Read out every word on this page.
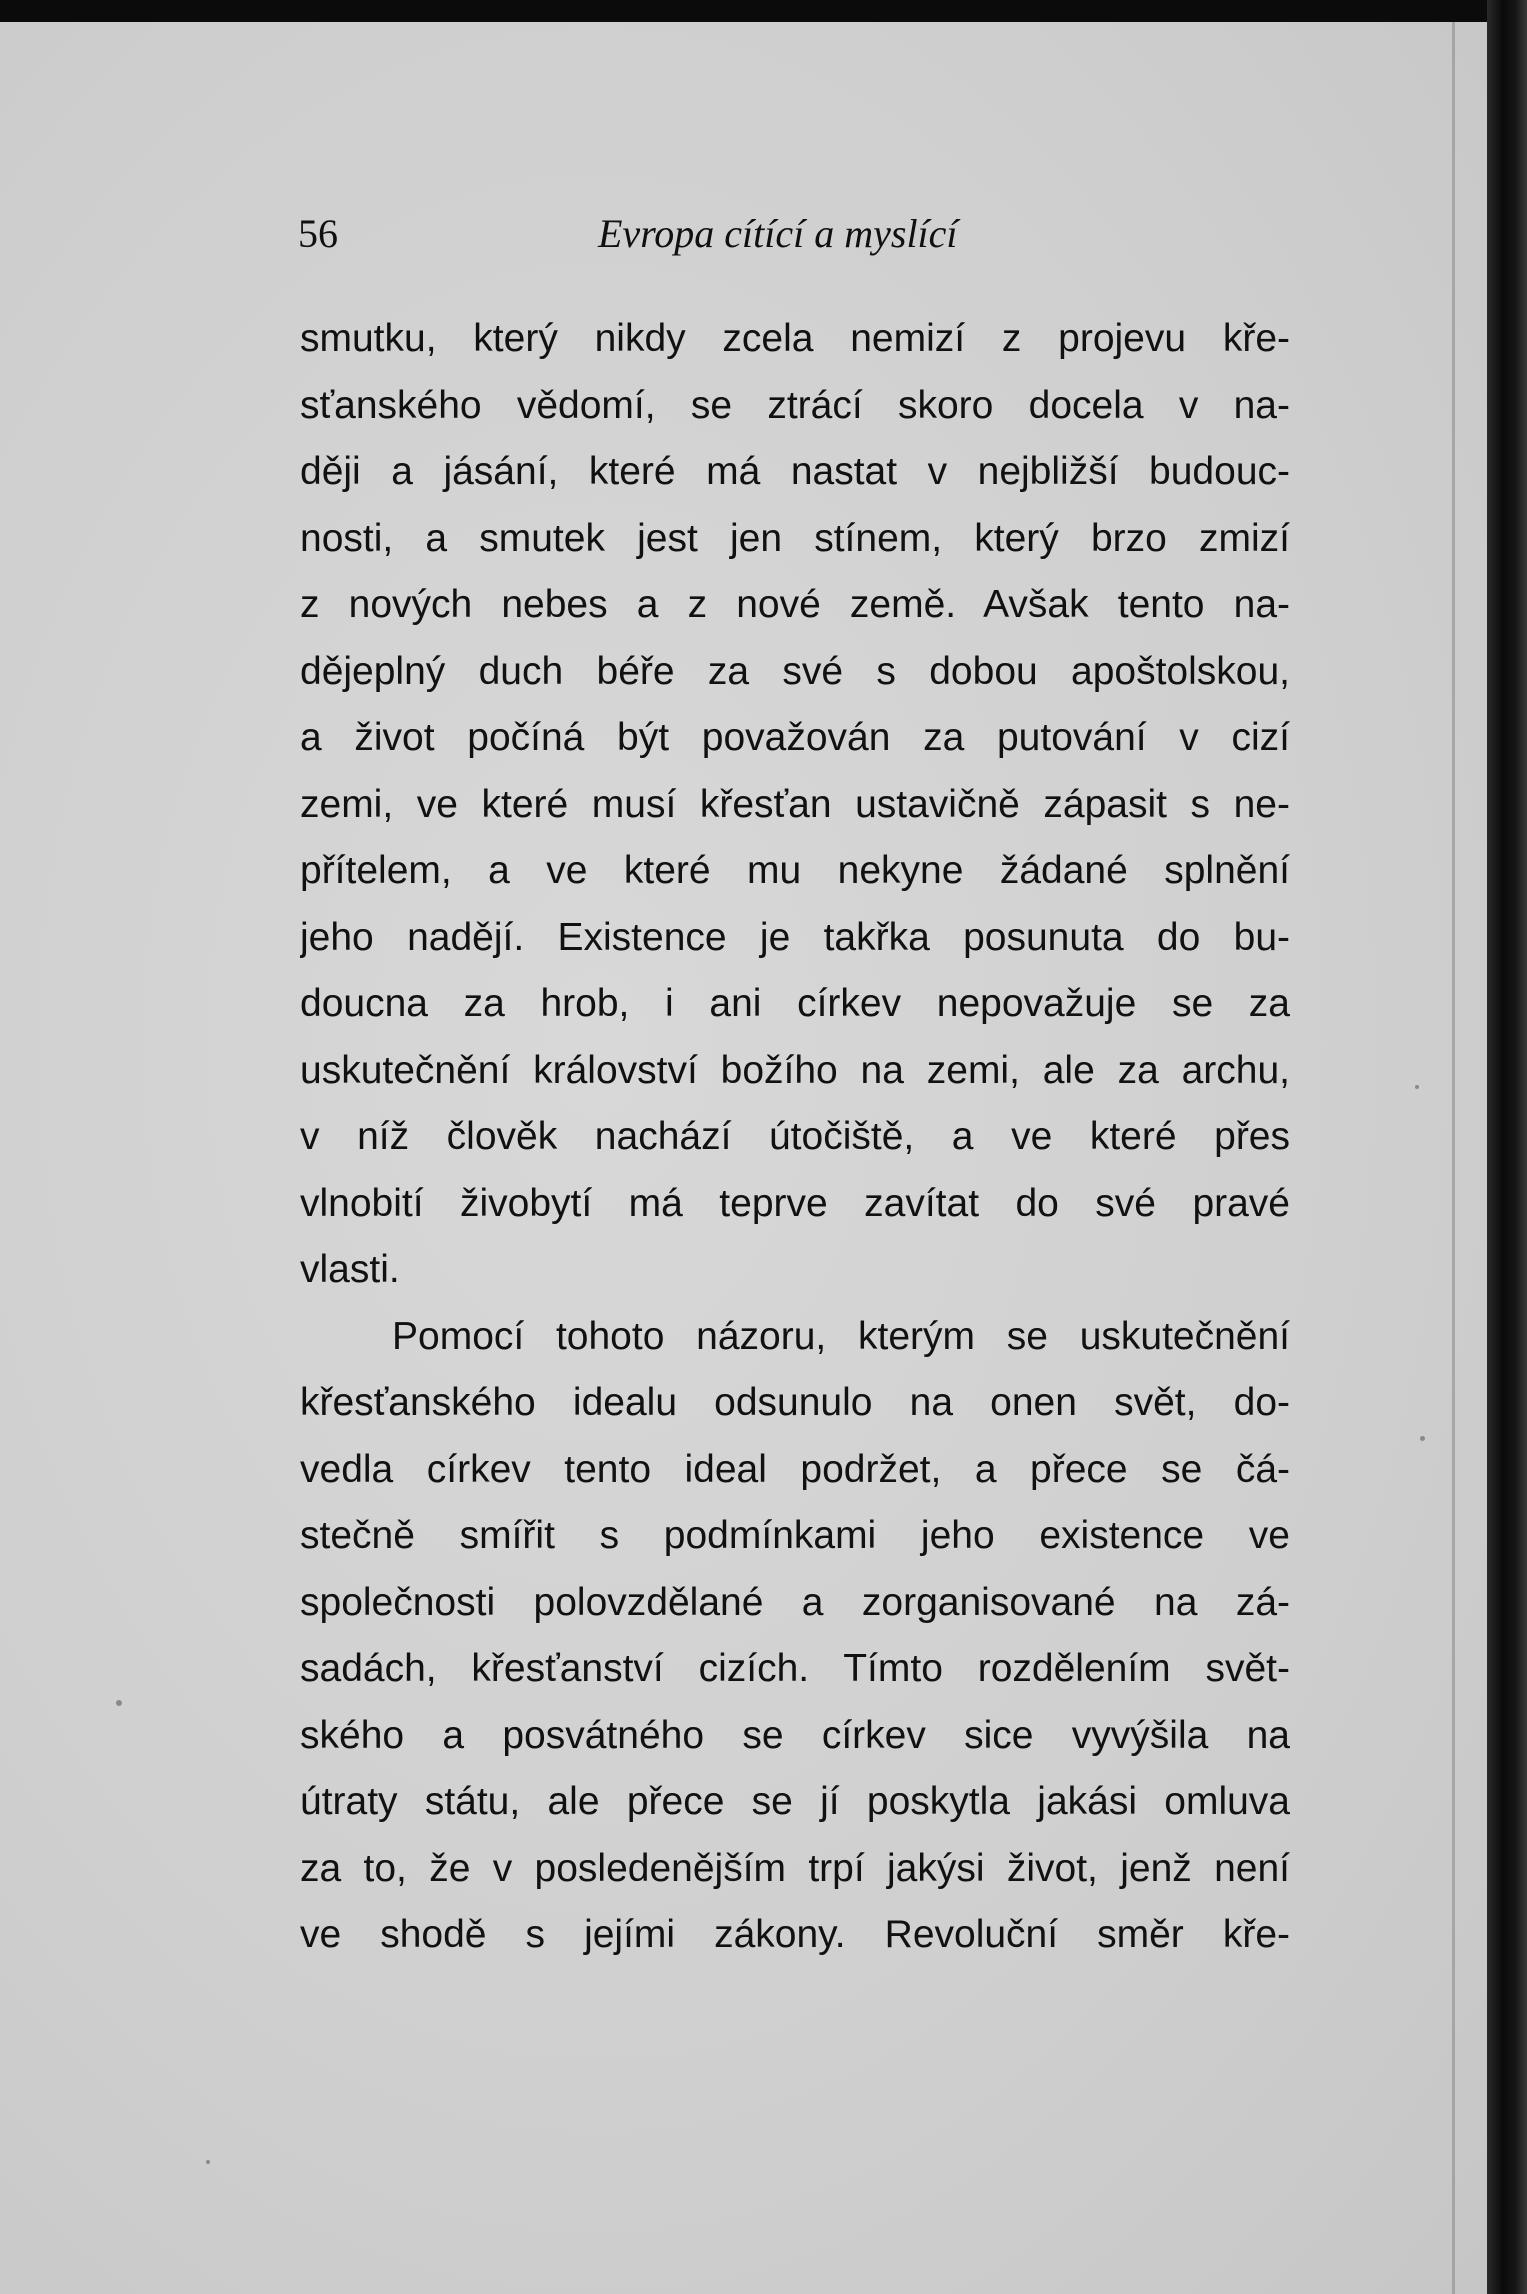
56	Evropa cítící a myslící
smutku, který nikdy zcela nemizí z projevu kře-
sťanského vědomí, se ztrácí skoro docela v na-
ději a jásání, které má nastat v nejbližší budouc-
nosti, a smutek jest jen stínem, který brzo zmizí
z nových nebes a z nové země. Avšak tento na-
dějeplný duch béře za své s dobou apoštolskou,
a život počíná být považován za putování v cizí
zemi, ve které musí křesťan ustavičně zápasit s ne-
přítelem, a ve které mu nekyne žádané splnění
jeho nadějí. Existence je takřka posunuta do bu-
doucna za hrob, i ani církev nepovažuje se za
uskutečnění království božího na zemi, ale za archu,
v níž člověk nachází útočiště, a ve které přes
vlnobití živobytí má teprve zavítat do své pravé
vlasti.
Pomocí tohoto názoru, kterým se uskutečnění
křesťanského idealu odsunulo na onen svět, do-
vedla církev tento ideal podržet, a přece se čá-
stečně smířit s podmínkami jeho existence ve
společnosti polovzdělané a zorganisované na zá-
sadách, křesťanství cizích. Tímto rozdělením svět-
ského a posvátného se církev sice vyvýšila na
útraty státu, ale přece se jí poskytla jakási omluva
za to, že v posledenějším trpí jakýsi život, jenž není
ve shodě s jejími zákony. Revoluční směr kře-
